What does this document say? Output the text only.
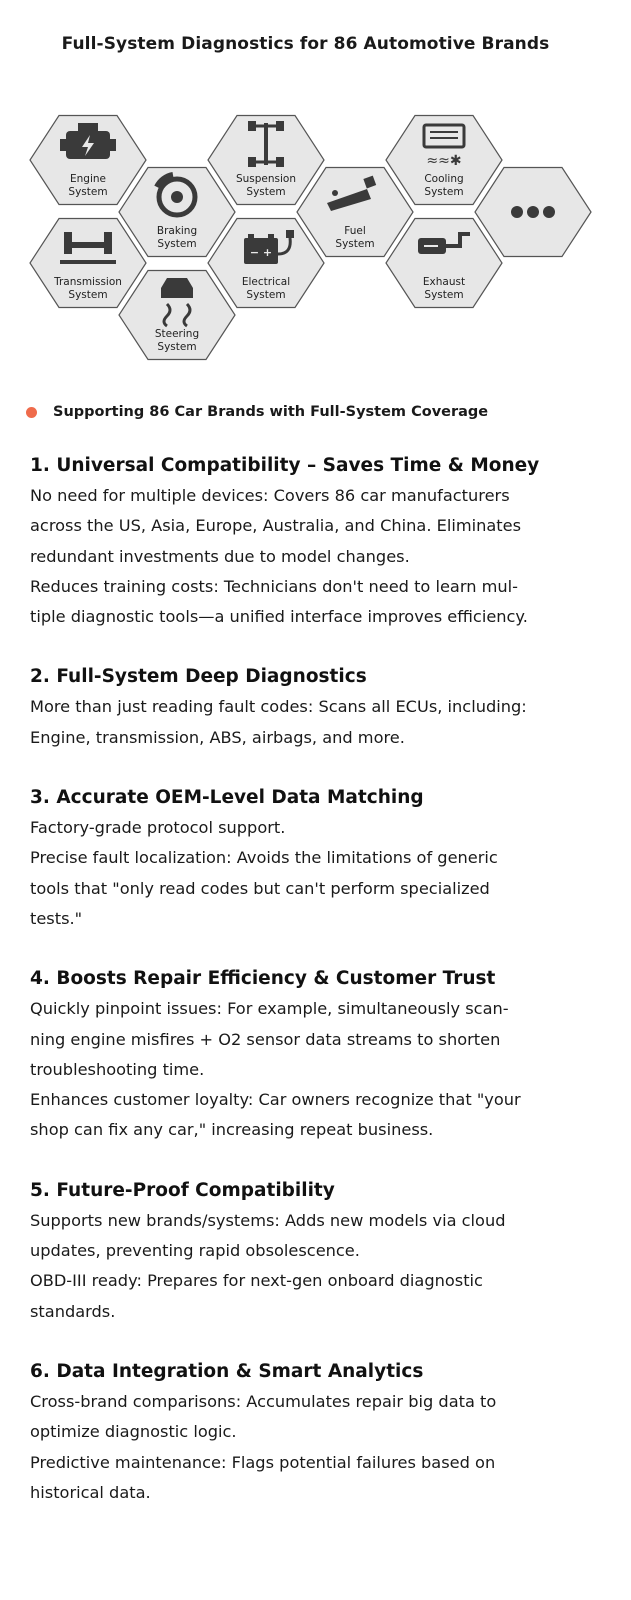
Full-System Diagnostics for 86 Automotive Brands
Engine
System
Braking
System
Suspension
System
Fuel
System
≈≈✱
Cooling
System
Transmission
System
− +
Electrical
System
Exhaust
System
Steering
System
Supporting 86 Car Brands with Full-System Coverage
1. Universal Compatibility – Saves Time & Money

No need for multiple devices: Covers 86 car manufacturers

across the US, Asia, Europe, Australia, and China. Eliminates

redundant investments due to model changes.

Reduces training costs: Technicians don't need to learn mul-

tiple diagnostic tools—a unified interface improves efficiency.

2. Full-System Deep Diagnostics

More than just reading fault codes: Scans all ECUs, including:

Engine, transmission, ABS, airbags, and more.

3. Accurate OEM-Level Data Matching

Factory-grade protocol support.

Precise fault localization: Avoids the limitations of generic

tools that "only read codes but can't perform specialized

tests."

4. Boosts Repair Efficiency & Customer Trust

Quickly pinpoint issues: For example, simultaneously scan-

ning engine misfires + O2 sensor data streams to shorten

troubleshooting time.

Enhances customer loyalty: Car owners recognize that "your

shop can fix any car," increasing repeat business.

5. Future-Proof Compatibility

Supports new brands/systems: Adds new models via cloud

updates, preventing rapid obsolescence.

OBD-III ready: Prepares for next-gen onboard diagnostic

standards.

6. Data Integration & Smart Analytics

Cross-brand comparisons: Accumulates repair big data to

optimize diagnostic logic.

Predictive maintenance: Flags potential failures based on

historical data.
